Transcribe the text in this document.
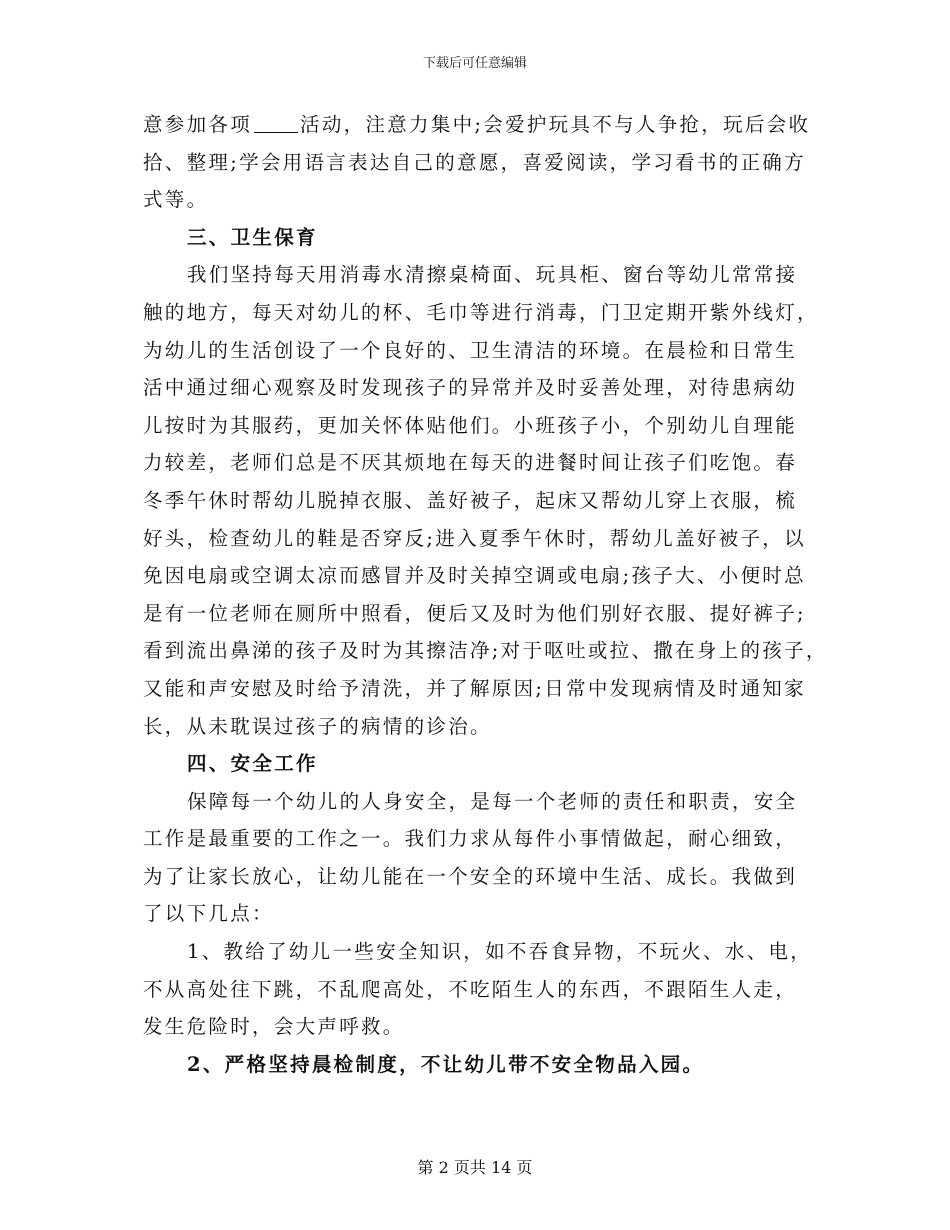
下载后可任意编辑
意参加各项 活动，注意力集中;会爱护玩具不与人争抢，玩后会收
拾、整理;学会用语言表达自己的意愿，喜爱阅读，学习看书的正确方
式等。
三、卫生保育
我们坚持每天用消毒水清擦桌椅面、玩具柜、窗台等幼儿常常接
触的地方，每天对幼儿的杯、毛巾等进行消毒，门卫定期开紫外线灯，
为幼儿的生活创设了一个良好的、卫生清洁的环境。在晨检和日常生
活中通过细心观察及时发现孩子的异常并及时妥善处理，对待患病幼
儿按时为其服药，更加关怀体贴他们。小班孩子小，个别幼儿自理能
力较差，老师们总是不厌其烦地在每天的进餐时间让孩子们吃饱。春
冬季午休时帮幼儿脱掉衣服、盖好被子，起床又帮幼儿穿上衣服，梳
好头，检查幼儿的鞋是否穿反;进入夏季午休时，帮幼儿盖好被子，以
免因电扇或空调太凉而感冒并及时关掉空调或电扇;孩子大、小便时总
是有一位老师在厕所中照看，便后又及时为他们别好衣服、提好裤子;
看到流出鼻涕的孩子及时为其擦洁净;对于呕吐或拉、撒在身上的孩子，
又能和声安慰及时给予清洗，并了解原因;日常中发现病情及时通知家
长，从未耽误过孩子的病情的诊治。
四、安全工作
保障每一个幼儿的人身安全，是每一个老师的责任和职责，安全
工作是最重要的工作之一。我们力求从每件小事情做起，耐心细致，
为了让家长放心，让幼儿能在一个安全的环境中生活、成长。我做到
了以下几点：
1、教给了幼儿一些安全知识，如不吞食异物，不玩火、水、电，
不从高处往下跳，不乱爬高处，不吃陌生人的东西，不跟陌生人走，
发生危险时，会大声呼救。
2、严格坚持晨检制度，不让幼儿带不安全物品入园。
第 2 页共 14 页
